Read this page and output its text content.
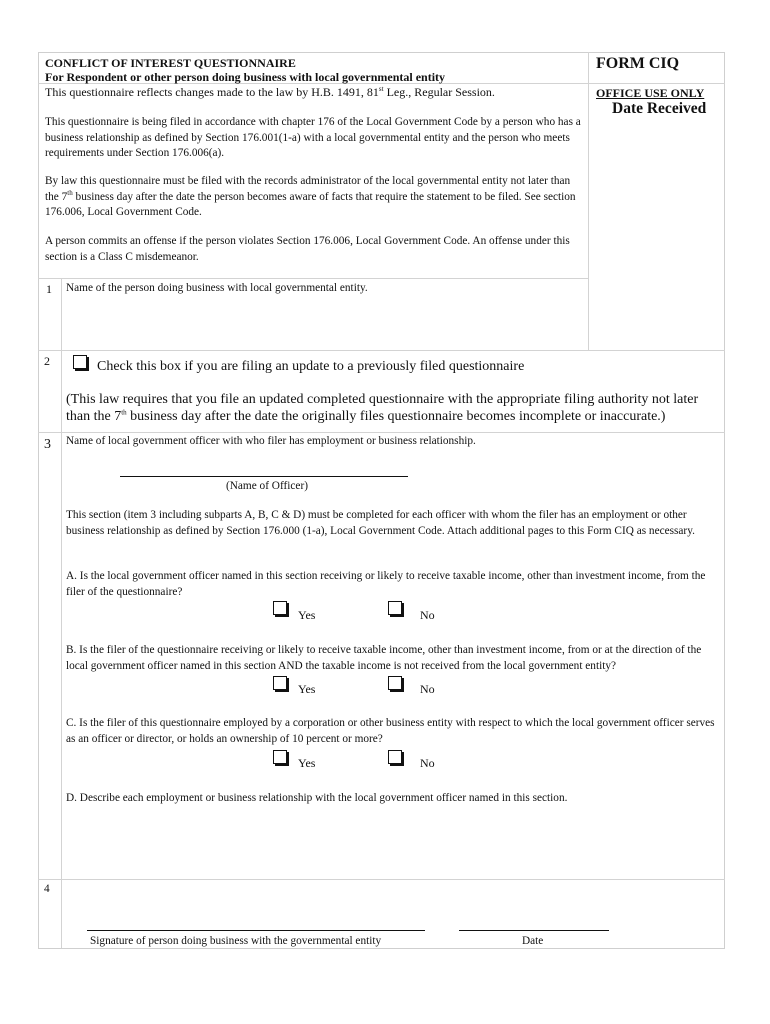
CONFLICT OF INTEREST QUESTIONNAIRE
For Respondent or other person doing business with local governmental entity
This questionnaire reflects changes made to the law by H.B. 1491, 81st Leg., Regular Session.
FORM CIQ
OFFICE USE ONLY
Date Received
This questionnaire is being filed in accordance with chapter 176 of the Local Government Code by a person who has a business relationship as defined by Section 176.001(1-a) with a local governmental entity and the person who meets requirements under Section 176.006(a).
By law this questionnaire must be filed with the records administrator of the local governmental entity not later than the 7th business day after the date the person becomes aware of facts that require the statement to be filed. See section 176.006, Local Government Code.
A person commits an offense if the person violates Section 176.006, Local Government Code. An offense under this section is a Class C misdemeanor.
1 Name of the person doing business with local governmental entity.
2	Check this box if you are filing an update to a previously filed questionnaire
(This law requires that you file an updated completed questionnaire with the appropriate filing authority not later than the 7th business day after the date the originally files questionnaire becomes incomplete or inaccurate.)
3 Name of local government officer with who filer has employment or business relationship.
(Name of Officer)
This section (item 3 including subparts A, B, C & D) must be completed for each officer with whom the filer has an employment or other business relationship as defined by Section 176.000 (1-a), Local Government Code. Attach additional pages to this Form CIQ as necessary.
A. Is the local government officer named in this section receiving or likely to receive taxable income, other than investment income, from the filer of the questionnaire?
Yes	No
B. Is the filer of the questionnaire receiving or likely to receive taxable income, other than investment income, from or at the direction of the local government officer named in this section AND the taxable income is not received from the local government entity?
Yes	No
C. Is the filer of this questionnaire employed by a corporation or other business entity with respect to which the local government officer serves as an officer or director, or holds an ownership of 10 percent or more?
Yes	No
D. Describe each employment or business relationship with the local government officer named in this section.
4
Signature of person doing business with the governmental entity	Date
